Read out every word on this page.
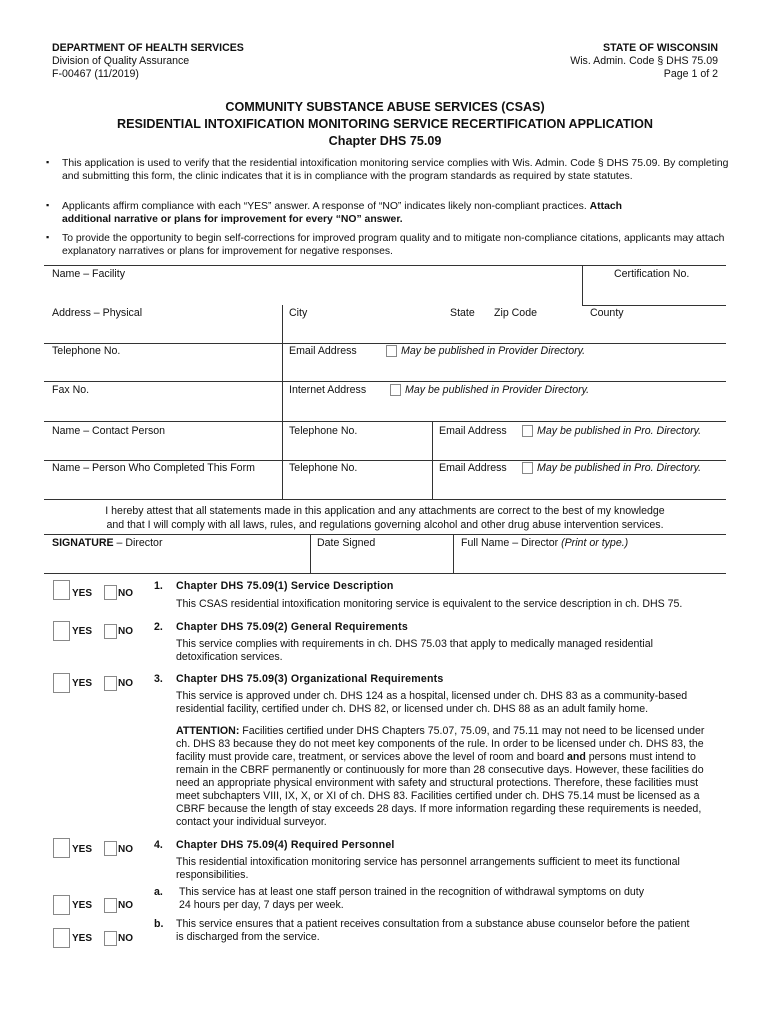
DEPARTMENT OF HEALTH SERVICES
Division of Quality Assurance
F-00467 (11/2019)
STATE OF WISCONSIN
Wis. Admin. Code § DHS 75.09
Page 1 of 2
COMMUNITY SUBSTANCE ABUSE SERVICES (CSAS)
RESIDENTIAL INTOXIFICATION MONITORING SERVICE RECERTIFICATION APPLICATION
Chapter DHS 75.09
▪ This application is used to verify that the residential intoxification monitoring service complies with Wis. Admin. Code § DHS 75.09. By completing and submitting this form, the clinic indicates that it is in compliance with the program standards as required by state statutes.
▪ Applicants affirm compliance with each “YES” answer. A response of “NO” indicates likely non-compliant practices. Attach
additional narrative or plans for improvement for every “NO” answer.
▪ To provide the opportunity to begin self-corrections for improved program quality and to mitigate non-compliance citations, applicants may attach explanatory narratives or plans for improvement for negative responses.
Name – Facility	Certification No.
Address – Physical	City	State Zip Code	County
Telephone No.	Email Address	May be published in Provider Directory.
Fax No.	Internet Address	May be published in Provider Directory.
Name – Contact Person	Telephone No.	Email Address	May be published in Pro. Directory.
Name – Person Who Completed This Form	Telephone No.	Email Address	May be published in Pro. Directory.
I hereby attest that all statements made in this application and any attachments are correct to the best of my knowledge
and that I will comply with all laws, rules, and regulations governing alcohol and other drug abuse intervention services.
SIGNATURE – Director	Date Signed	Full Name – Director (Print or type.)
YES	NO
1. Chapter DHS 75.09(1) Service Description
This CSAS residential intoxification monitoring service is equivalent to the service description in ch. DHS 75.
YES	NO 2. Chapter DHS 75.09(2) General Requirements
This service complies with requirements in ch. DHS 75.03 that apply to medically managed residential detoxification services.
YES	NO 3. Chapter DHS 75.09(3) Organizational Requirements
This service is approved under ch. DHS 124 as a hospital, licensed under ch. DHS 83 as a community-based residential facility, certified under ch. DHS 82, or licensed under ch. DHS 88 as an adult family home.
ATTENTION: Facilities certified under DHS Chapters 75.07, 75.09, and 75.11 may not need to be licensed under ch. DHS 83 because they do not meet key components of the rule. In order to be licensed under ch. DHS 83, the facility must provide care, treatment, or services above the level of room and board and persons must intend to remain in the CBRF permanently or continuously for more than 28 consecutive days. However, these facilities do need an appropriate physical environment with safety and structural protections. Therefore, these facilities must meet subchapters VIII, IX, X, or XI of ch. DHS 83. Facilities certified under ch. DHS 75.14 must be licensed as a CBRF because the length of stay exceeds 28 days. If more information regarding these requirements is needed, contact your individual surveyor.
YES	NO 4. Chapter DHS 75.09(4) Required Personnel
This residential intoxification monitoring service has personnel arrangements sufficient to meet its functional responsibilities.
YES	NO
a. This service has at least one staff person trained in the recognition of withdrawal symptoms on duty
24 hours per day, 7 days per week.
YES	NO
b. This service ensures that a patient receives consultation from a substance abuse counselor before the patient is discharged from the service.
